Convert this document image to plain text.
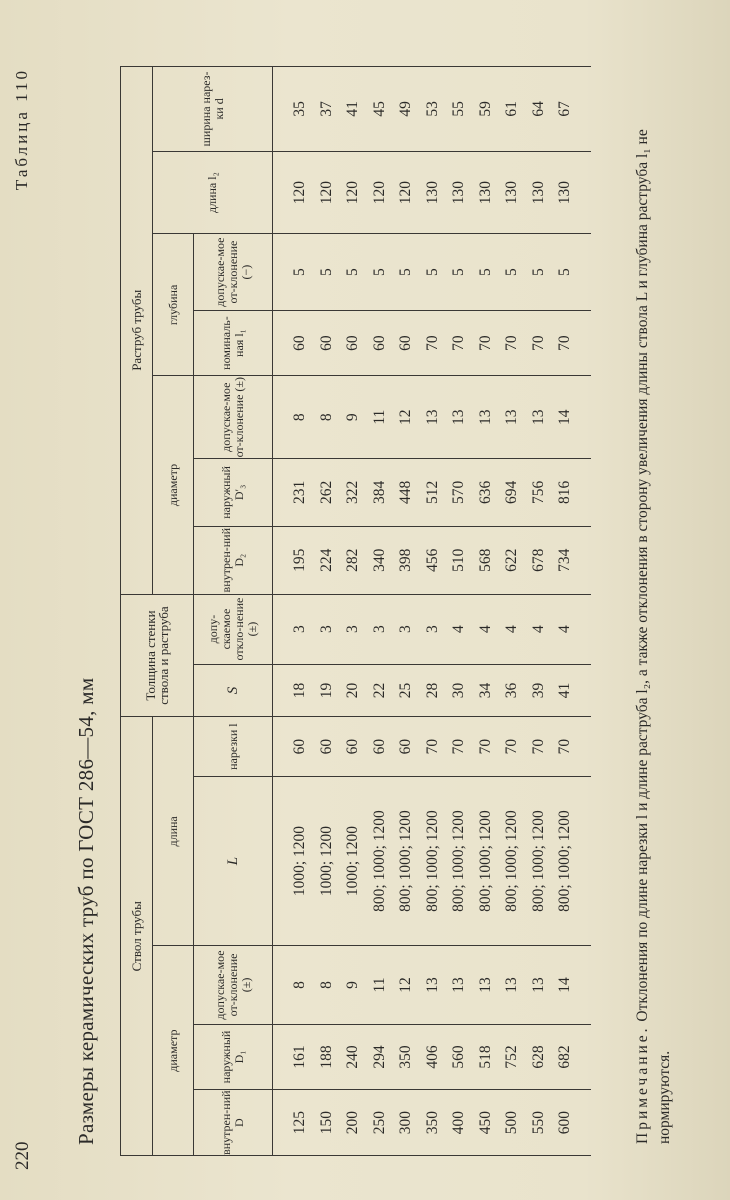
220
Таблица 110
Размеры керамических труб по ГОСТ 286—54, мм Ствол трубы					Толщина стенки ствола и раструба		Раструб трубы						
диаметр			длина				диаметр			глубина		длина l₂	ширина нарез-ки d
внутрен-ний D	наружный D₁	допускае-мое от-клонение (±)	L	нарезки l	S	допу-скаемое откло-нение (±)	внутрен-ний D₂	наружный D′₃	допускае-мое от-клонение (±)	номиналь-ная l₁	допускае-мое от-клонение (−)		
125	161	8	1000; 1200	60	18	3	195	231	8	60	5	120	35
150	188	8	1000; 1200	60	19	3	224	262	8	60	5	120	37
200	240	9	1000; 1200	60	20	3	282	322	9	60	5	120	41
250	294	11	800; 1000; 1200	60	22	3	340	384	11	60	5	120	45
300	350	12	800; 1000; 1200	60	25	3	398	448	12	60	5	120	49
350	406	13	800; 1000; 1200	70	28	3	456	512	13	70	5	130	53
400	560	13	800; 1000; 1200	70	30	4	510	570	13	70	5	130	55
450	518	13	800; 1000; 1200	70	34	4	568	636	13	70	5	130	59
500	752	13	800; 1000; 1200	70	36	4	622	694	13	70	5	130	61
550	628	13	800; 1000; 1200	70	39	4	678	756	13	70	5	130	64
600	682	14	800; 1000; 1200	70	41	4	734	816	14	70	5	130	67
Примечание. Отклонения по длине нарезки l и длине раструба l₂, а также отклонения в сторону увеличения длины ствола L и глубина раструба l₁ не нормируются.
